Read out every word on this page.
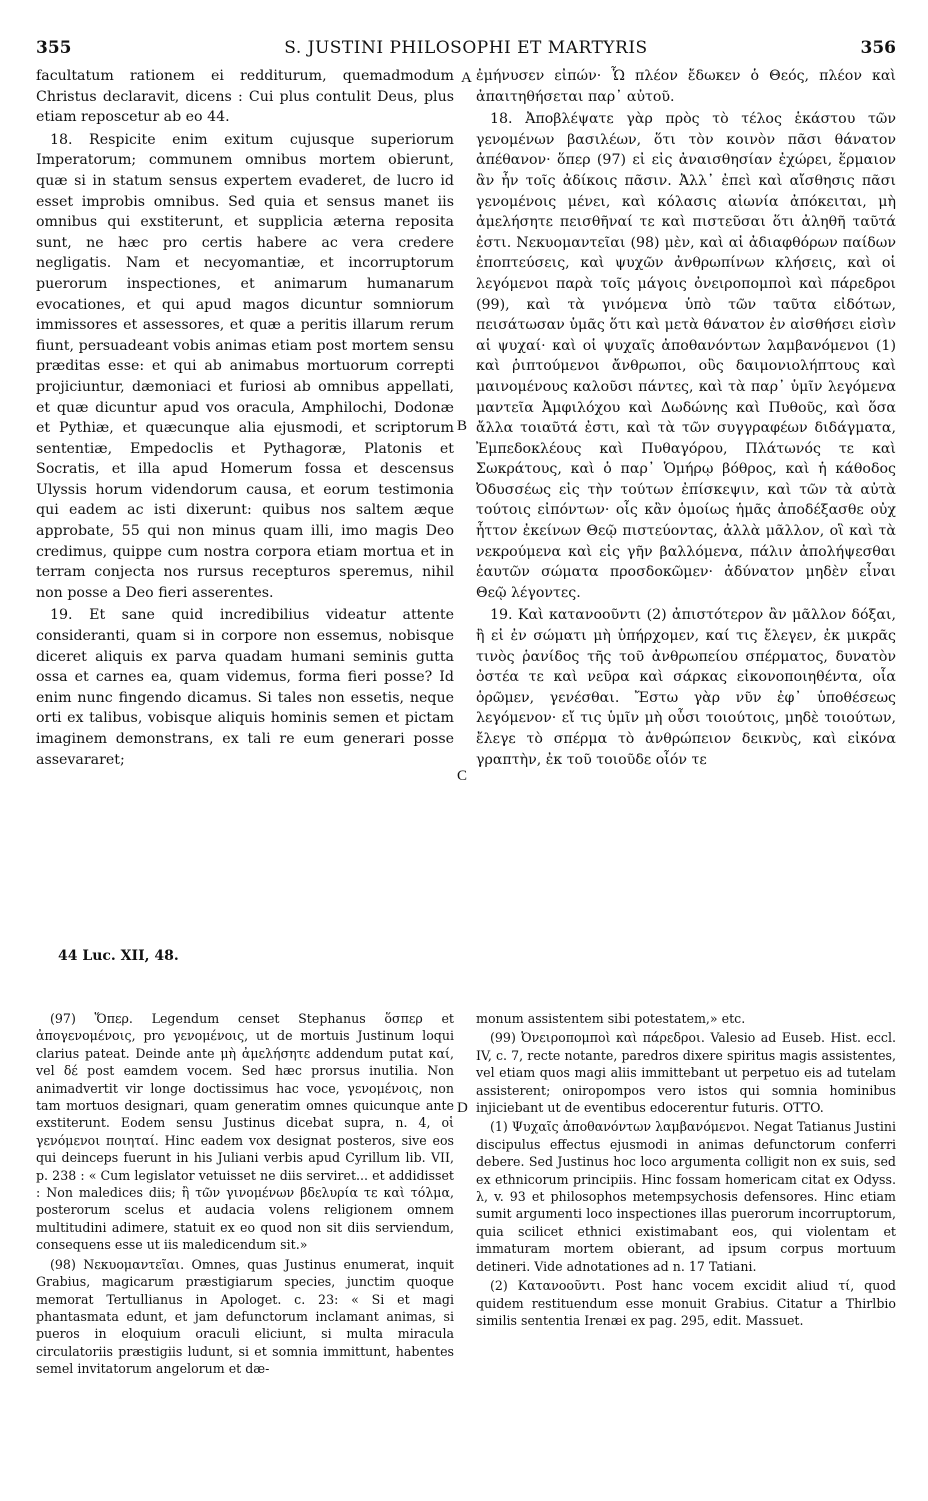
355	S. JUSTINI PHILOSOPHI ET MARTYRIS	356

facultatum rationem ei redditurum, quemadmodum Christus declaravit, dicens : Cui plus contulit Deus, plus etiam reposcetur ab eo 44.

18. Respicite enim exitum cujusque superiorum Imperatorum; communem omnibus mortem obierunt, quæ si in statum sensus expertem evaderet, de lucro id esset improbis omnibus. Sed quia et sensus manet iis omnibus qui exstiterunt, et supplicia æterna reposita sunt, ne hæc pro certis habere ac vera credere negligatis. Nam et necyomantiæ, et incorruptorum puerorum inspectiones, et animarum humanarum evocationes, et qui apud magos dicuntur somniorum immissores et assessores, et quæ a peritis illarum rerum fiunt, persuadeant vobis animas etiam post mortem sensu præditas esse: et qui ab animabus mortuorum correpti projiciuntur, dæmoniaci et furiosi ab omnibus appellati, et quæ dicuntur apud vos oracula, Amphilochi, Dodonæ et Pythiæ, et quæcunque alia ejusmodi, et scriptorum sententiæ, Empedoclis et Pythagoræ, Platonis et Socratis, et illa apud Homerum fossa et descensus Ulyssis horum videndorum causa, et eorum testimonia qui eadem ac isti dixerunt: quibus nos saltem æque approbate, 55 qui non minus quam illi, imo magis Deo credimus, quippe cum nostra corpora etiam mortua et in terram conjecta nos rursus recepturos speremus, nihil non posse a Deo fieri asserentes.

19. Et sane quid incredibilius videatur attente consideranti, quam si in corpore non essemus, nobisque diceret aliquis ex parva quadam humani seminis gutta ossa et carnes ea, quam videmus, forma fieri posse? Id enim nunc fingendo dicamus. Si tales non essetis, neque orti ex talibus, vobisque aliquis hominis semen et pictam imaginem demonstrans, ex tali re eum generari posse assevararet;

A
B
C
D

ἐμήνυσεν εἰπών· Ὧ πλέον ἔδωκεν ὁ Θεός, πλέον καὶ ἀπαιτηθήσεται παρ᾽ αὐτοῦ.

18. Ἀποβλέψατε γὰρ πρὸς τὸ τέλος ἑκάστου τῶν γενομένων βασιλέων, ὅτι τὸν κοινὸν πᾶσι θάνατον ἀπέθανον· ὅπερ (97) εἰ εἰς ἀναισθησίαν ἐχώρει, ἕρμαιον ἂν ἦν τοῖς ἀδίκοις πᾶσιν. Ἀλλ᾽ ἐπεὶ καὶ αἴσθησις πᾶσι γενομένοις μένει, καὶ κόλασις αἰωνία ἀπόκειται, μὴ ἀμελήσητε πεισθῆναί τε καὶ πιστεῦσαι ὅτι ἀληθῆ ταῦτά ἐστι. Νεκυομαντεῖαι (98) μὲν, καὶ αἱ ἀδιαφθόρων παίδων ἐποπτεύσεις, καὶ ψυχῶν ἀνθρωπίνων κλήσεις, καὶ οἱ λεγόμενοι παρὰ τοῖς μάγοις ὀνειροπομποὶ καὶ πάρεδροι (99), καὶ τὰ γινόμενα ὑπὸ τῶν ταῦτα εἰδότων, πεισάτωσαν ὑμᾶς ὅτι καὶ μετὰ θάνατον ἐν αἰσθήσει εἰσὶν αἱ ψυχαί· καὶ οἱ ψυχαῖς ἀποθανόντων λαμβανόμενοι (1) καὶ ῥιπτούμενοι ἄνθρωποι, οὓς δαιμονιολήπτους καὶ μαινομένους καλοῦσι πάντες, καὶ τὰ παρ᾽ ὑμῖν λεγόμενα μαντεῖα Ἀμφιλόχου καὶ Δωδώνης καὶ Πυθοῦς, καὶ ὅσα ἄλλα τοιαῦτά ἐστι, καὶ τὰ τῶν συγγραφέων διδάγματα, Ἐμπεδοκλέους καὶ Πυθαγόρου, Πλάτωνός τε καὶ Σωκράτους, καὶ ὁ παρ᾽ Ὁμήρῳ βόθρος, καὶ ἡ κάθοδος Ὀδυσσέως εἰς τὴν τούτων ἐπίσκεψιν, καὶ τῶν τὰ αὐτὰ τούτοις εἰπόντων· οἷς κἂν ὁμοίως ἡμᾶς ἀποδέξασθε οὐχ ἧττον ἐκείνων Θεῷ πιστεύοντας, ἀλλὰ μᾶλλον, οἳ καὶ τὰ νεκρούμενα καὶ εἰς γῆν βαλλόμενα, πάλιν ἀπολήψεσθαι ἑαυτῶν σώματα προσδοκῶμεν· ἀδύνατον μηδὲν εἶναι Θεῷ λέγοντες.

19. Καὶ κατανοοῦντι (2) ἀπιστότερον ἂν μᾶλλον δόξαι, ἢ εἰ ἐν σώματι μὴ ὑπήρχομεν, καί τις ἔλεγεν, ἐκ μικρᾶς τινὸς ῥανίδος τῆς τοῦ ἀνθρωπείου σπέρματος, δυνατὸν ὀστέα τε καὶ νεῦρα καὶ σάρκας εἰκονοποιηθέντα, οἷα ὁρῶμεν, γενέσθαι. Ἔστω γὰρ νῦν ἐφ᾽ ὑποθέσεως λεγόμενον· εἴ τις ὑμῖν μὴ οὖσι τοιούτοις, μηδὲ τοιούτων, ἔλεγε τὸ σπέρμα τὸ ἀνθρώπειον δεικνὺς, καὶ εἰκόνα γραπτὴν, ἐκ τοῦ τοιοῦδε οἷόν τε

44 Luc. XII, 48.

(97) Ὅπερ. Legendum censet Stephanus ὅσπερ et ἀπογενομένοις, pro γενομένοις, ut de mortuis Justinum loqui clarius pateat. Deinde ante μὴ ἀμελήσητε addendum putat καί, vel δέ post eamdem vocem. Sed hæc prorsus inutilia. Non animadvertit vir longe doctissimus hac voce, γενομένοις, non tam mortuos designari, quam generatim omnes quicunque ante exstiterunt. Eodem sensu Justinus dicebat supra, n. 4, οἱ γενόμενοι ποιηταί. Hinc eadem vox designat posteros, sive eos qui deinceps fuerunt in his Juliani verbis apud Cyrillum lib. VII, p. 238 : « Cum legislator vetuisset ne diis serviret... et addidisset : Non maledices diis; ἢ τῶν γινομένων βδελυρία τε καὶ τόλμα, posterorum scelus et audacia volens religionem omnem multitudini adimere, statuit ex eo quod non sit diis serviendum, consequens esse ut iis maledicendum sit.»

(98) Νεκυομαντεῖαι. Omnes, quas Justinus enumerat, inquit Grabius, magicarum præstigiarum species, junctim quoque memorat Tertullianus in Apologet. c. 23: « Si et magi phantasmata edunt, et jam defunctorum inclamant animas, si pueros in eloquium oraculi eliciunt, si multa miracula circulatoriis præstigiis ludunt, si et somnia immittunt, habentes semel invitatorum angelorum et dæ-

monum assistentem sibi potestatem,» etc.

(99) Ὀνειροπομποὶ καὶ πάρεδροι. Valesio ad Euseb. Hist. eccl. IV, c. 7, recte notante, paredros dixere spiritus magis assistentes, vel etiam quos magi aliis immittebant ut perpetuo eis ad tutelam assisterent; oniropompos vero istos qui somnia hominibus injiciebant ut de eventibus edocerentur futuris. OTTO.

(1) Ψυχαῖς ἀποθανόντων λαμβανόμενοι. Negat Tatianus Justini discipulus effectus ejusmodi in animas defunctorum conferri debere. Sed Justinus hoc loco argumenta colligit non ex suis, sed ex ethnicorum principiis. Hinc fossam homericam citat ex Odyss. λ, v. 93 et philosophos metempsychosis defensores. Hinc etiam sumit argumenti loco inspectiones illas puerorum incorruptorum, quia scilicet ethnici existimabant eos, qui violentam et immaturam mortem obierant, ad ipsum corpus mortuum detineri. Vide adnotationes ad n. 17 Tatiani.

(2) Κατανοοῦντι. Post hanc vocem excidit aliud τί, quod quidem restituendum esse monuit Grabius. Citatur a Thirlbio similis sententia Irenæi ex pag. 295, edit. Massuet.
